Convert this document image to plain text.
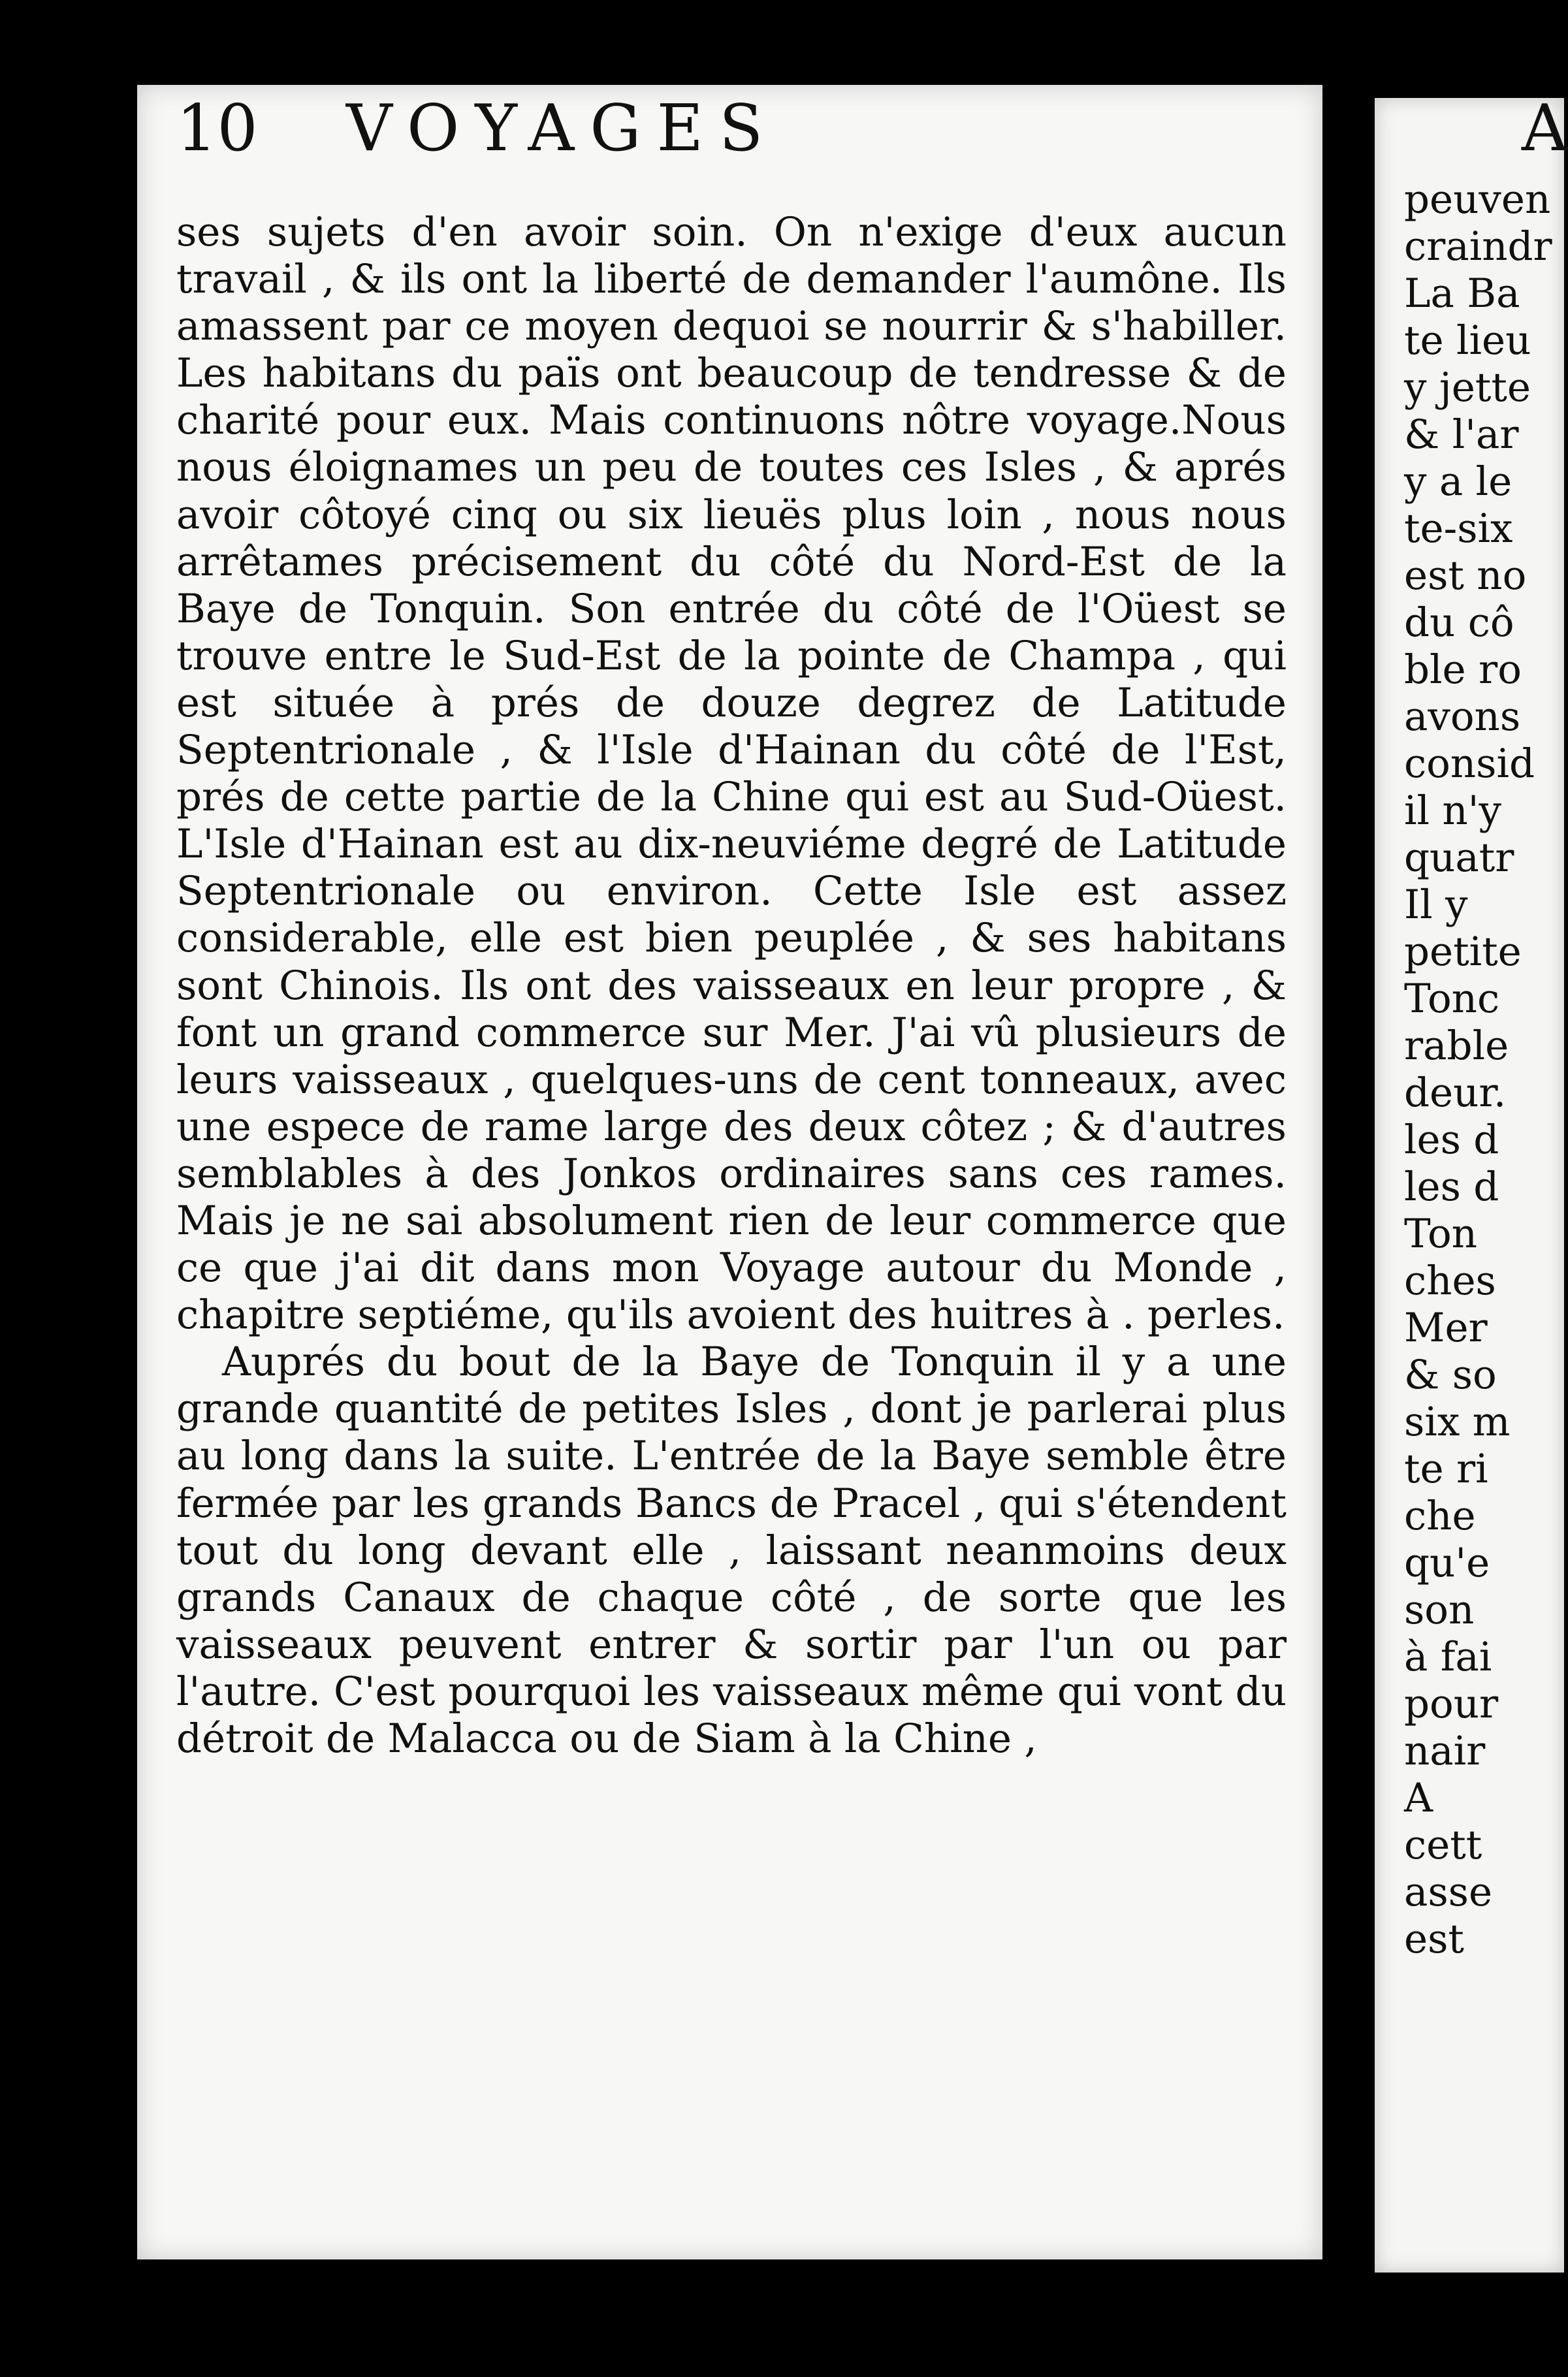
10 VOYAGES

ses sujets d'en avoir soin. On n'exige d'eux aucun travail , & ils ont la liberté de demander l'aumône. Ils amassent par ce moyen dequoi se nourrir & s'habiller. Les habitans du païs ont beaucoup de tendresse & de charité pour eux. Mais continuons nôtre voyage.Nous nous éloignames un peu de toutes ces Isles , & aprés avoir côtoyé cinq ou six lieuës plus loin , nous nous arrêtames précisement du côté du Nord-Est de la Baye de Tonquin. Son entrée du côté de l'Oüest se trouve entre le Sud-Est de la pointe de Champa , qui est située à prés de douze degrez de Latitude Septentrionale , & l'Isle d'Hainan du côté de l'Est, prés de cette partie de la Chine qui est au Sud-Oüest. L'Isle d'Hainan est au dix-neuviéme degré de Latitude Septentrionale ou environ. Cette Isle est assez considerable, elle est bien peuplée , & ses habitans sont Chinois. Ils ont des vaisseaux en leur propre , & font un grand commerce sur Mer. J'ai vû plusieurs de leurs vaisseaux , quelques-uns de cent tonneaux, avec une espece de rame large des deux côtez ; & d'autres semblables à des Jonkos ordinaires sans ces rames. Mais je ne sai absolument rien de leur commerce que ce que j'ai dit dans mon Voyage autour du Monde , chapitre septiéme, qu'ils avoient des huitres à . perles.

Auprés du bout de la Baye de Tonquin il y a une grande quantité de petites Isles , dont je parlerai plus au long dans la suite. L'entrée de la Baye semble être fermée par les grands Bancs de Pracel , qui s'étendent tout du long devant elle , laissant neanmoins deux grands Canaux de chaque côté , de sorte que les vaisseaux peuvent entrer & sortir par l'un ou par l'autre. C'est pourquoi les vaisseaux même qui vont du détroit de Malacca ou de Siam à la Chine ,

A
peuven
craindr
La Ba
te lieu
y jette
& l'ar
y a le
te-six
est no
du cô
ble ro
avons
consid
il n'y
quatr
Il y
petite
Tonc
rable
deur.
les d
les d
Ton
ches
Mer
& so
six m
te ri
che
qu'e
son
à fai
pour
nair
A
cett
asse
est
